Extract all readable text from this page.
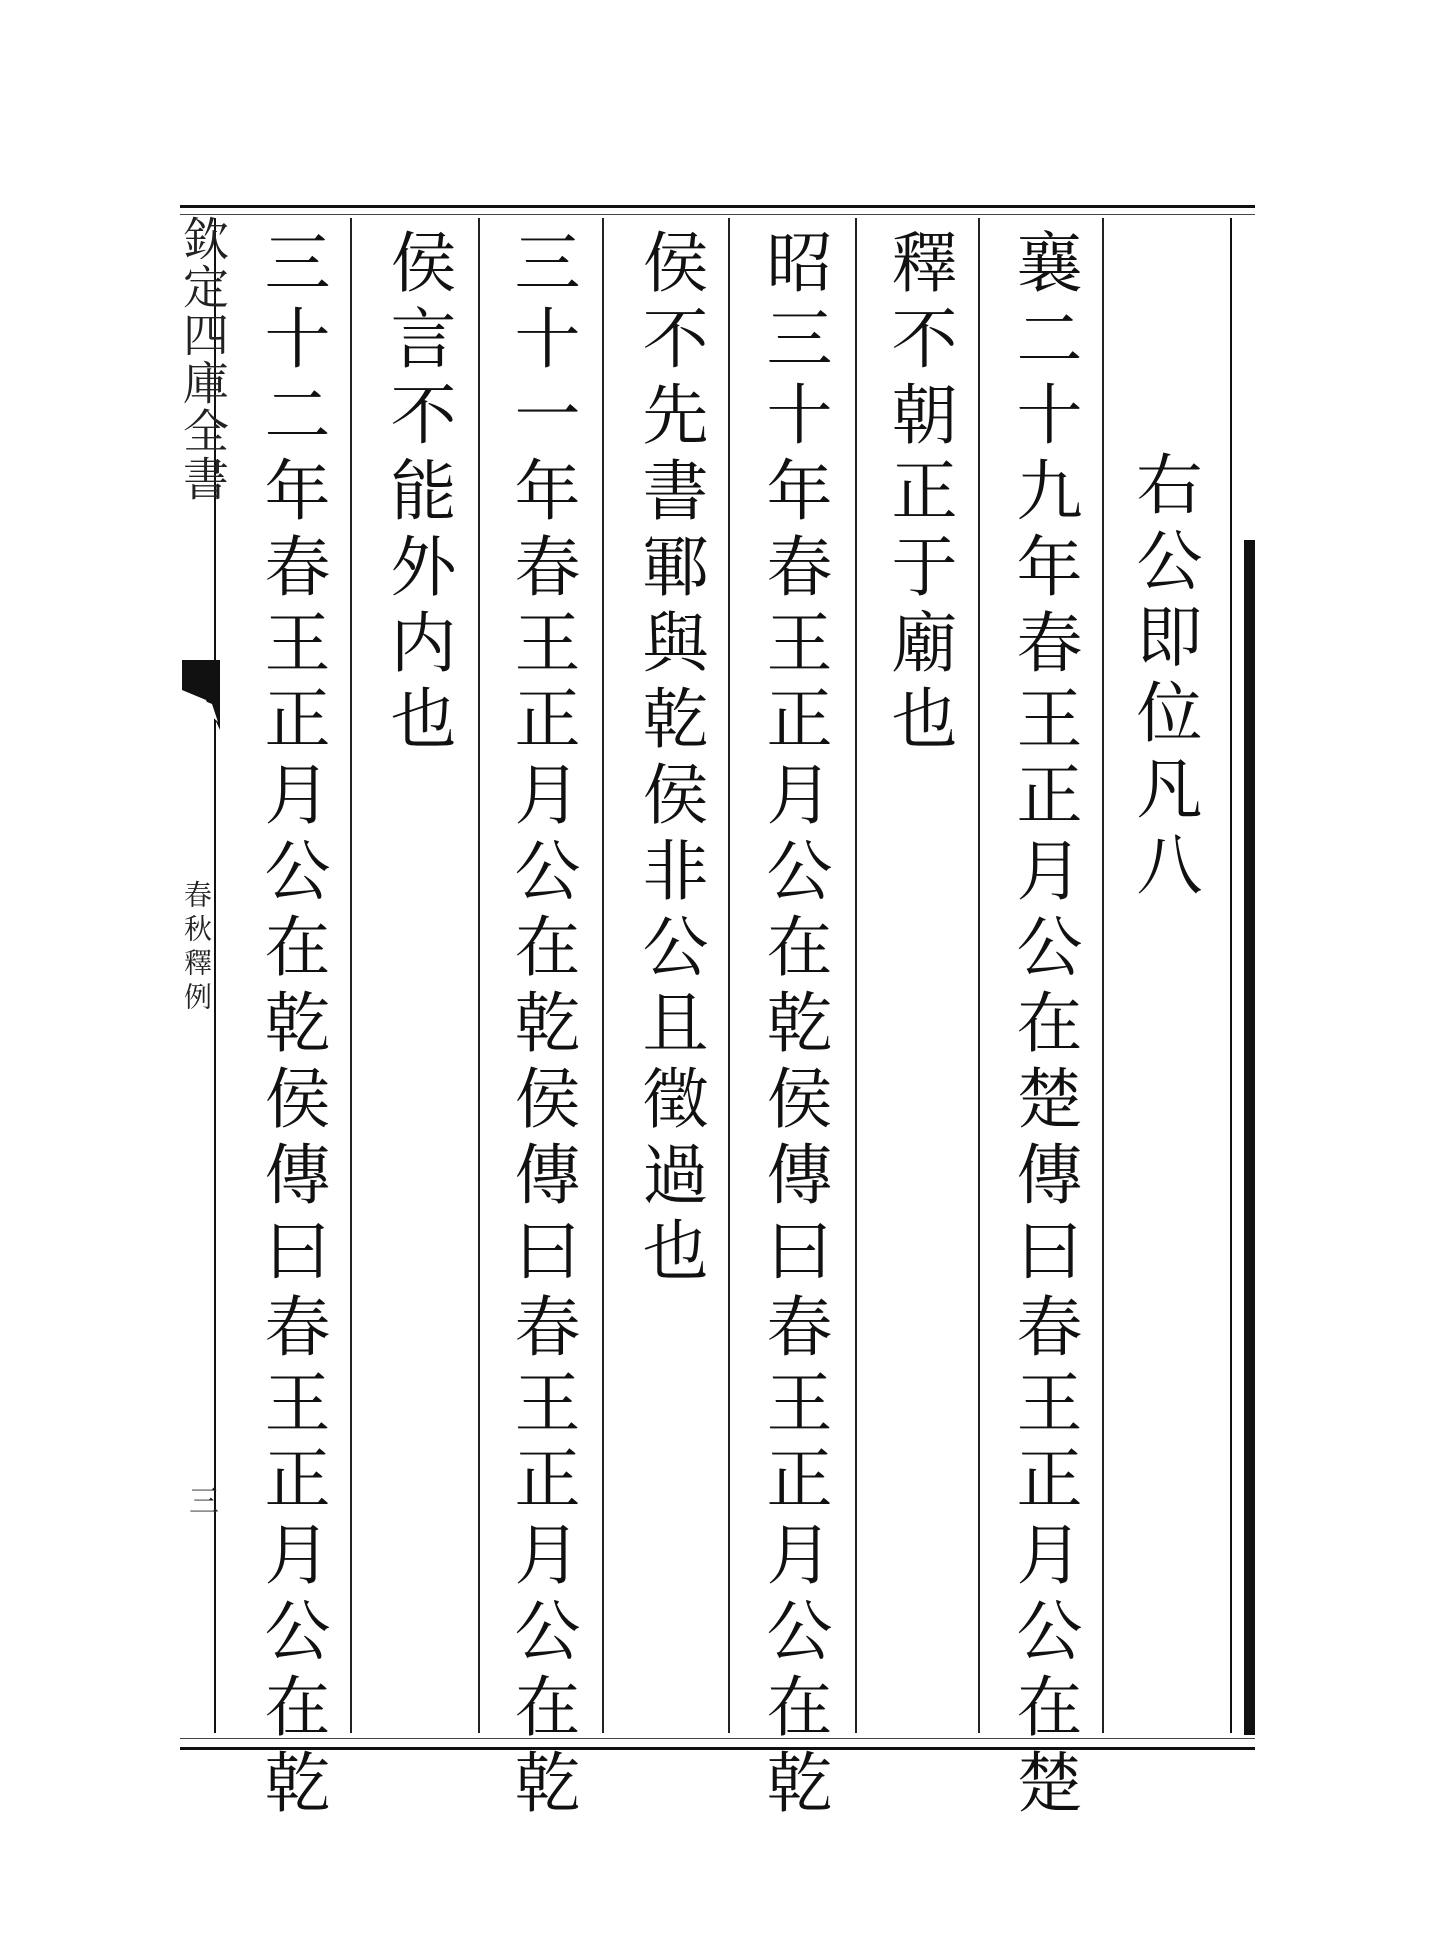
欽定四庫全書
春秋釋例
三
右公即位凡八
襄二十九年春王正月公在楚傳曰春王正月公在楚
釋不朝正于廟也
昭三十年春王正月公在乾侯傳曰春王正月公在乾
侯不先書鄆與乾侯非公且徵過也
三十一年春王正月公在乾侯傳曰春王正月公在乾
侯言不能外内也
三十二年春王正月公在乾侯傳曰春王正月公在乾
